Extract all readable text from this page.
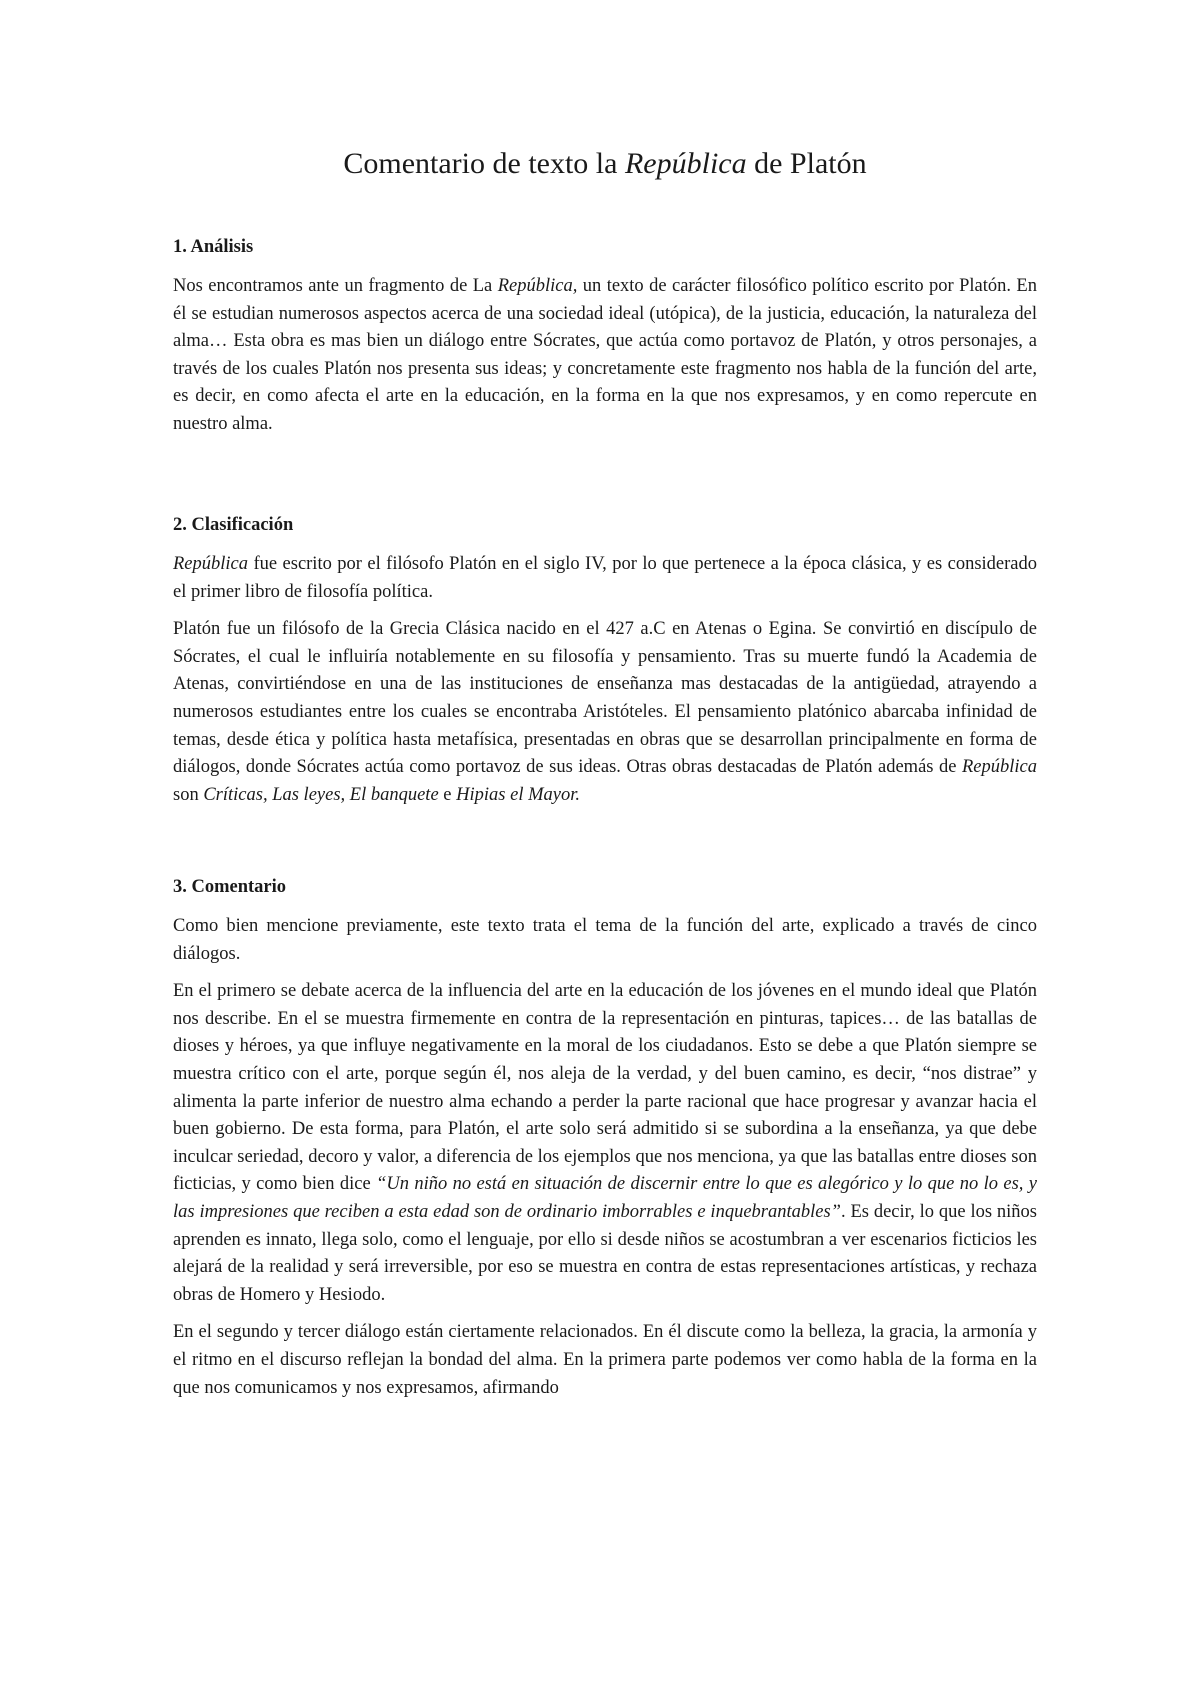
Comentario de texto la República de Platón
1. Análisis

Nos encontramos ante un fragmento de La República, un texto de carácter filosófico político escrito por Platón. En él se estudian numerosos aspectos acerca de una sociedad ideal (utópica), de la justicia, educación, la naturaleza del alma… Esta obra es mas bien un diálogo entre Sócrates, que actúa como portavoz de Platón, y otros personajes, a través de los cuales Platón nos presenta sus ideas; y concretamente este fragmento nos habla de la función del arte, es decir, en como afecta el arte en la educación, en la forma en la que nos expresamos, y en como repercute en nuestro alma.

2. Clasificación

República fue escrito por el filósofo Platón en el siglo IV, por lo que pertenece a la época clásica, y es considerado el primer libro de filosofía política.

Platón fue un filósofo de la Grecia Clásica nacido en el 427 a.C en Atenas o Egina. Se convirtió en discípulo de Sócrates, el cual le influiría notablemente en su filosofía y pensamiento. Tras su muerte fundó la Academia de Atenas, convirtiéndose en una de las instituciones de enseñanza mas destacadas de la antigüedad, atrayendo a numerosos estudiantes entre los cuales se encontraba Aristóteles. El pensamiento platónico abarcaba infinidad de temas, desde ética y política hasta metafísica, presentadas en obras que se desarrollan principalmente en forma de diálogos, donde Sócrates actúa como portavoz de sus ideas. Otras obras destacadas de Platón además de República son Críticas, Las leyes, El banquete e Hipias el Mayor.

3. Comentario

Como bien mencione previamente, este texto trata el tema de la función del arte, explicado a través de cinco diálogos.

En el primero se debate acerca de la influencia del arte en la educación de los jóvenes en el mundo ideal que Platón nos describe. En el se muestra firmemente en contra de la representación en pinturas, tapices… de las batallas de dioses y héroes, ya que influye negativamente en la moral de los ciudadanos. Esto se debe a que Platón siempre se muestra crítico con el arte, porque según él, nos aleja de la verdad, y del buen camino, es decir, “nos distrae” y alimenta la parte inferior de nuestro alma echando a perder la parte racional que hace progresar y avanzar hacia el buen gobierno. De esta forma, para Platón, el arte solo será admitido si se subordina a la enseñanza, ya que debe inculcar seriedad, decoro y valor, a diferencia de los ejemplos que nos menciona, ya que las batallas entre dioses son ficticias, y como bien dice “Un niño no está en situación de discernir entre lo que es alegórico y lo que no lo es, y las impresiones que reciben a esta edad son de ordinario imborrables e inquebrantables”. Es decir, lo que los niños aprenden es innato, llega solo, como el lenguaje, por ello si desde niños se acostumbran a ver escenarios ficticios les alejará de la realidad y será irreversible, por eso se muestra en contra de estas representaciones artísticas, y rechaza obras de Homero y Hesiodo.

En el segundo y tercer diálogo están ciertamente relacionados. En él discute como la belleza, la gracia, la armonía y el ritmo en el discurso reflejan la bondad del alma. En la primera parte podemos ver como habla de la forma en la que nos comunicamos y nos expresamos, afirmando
